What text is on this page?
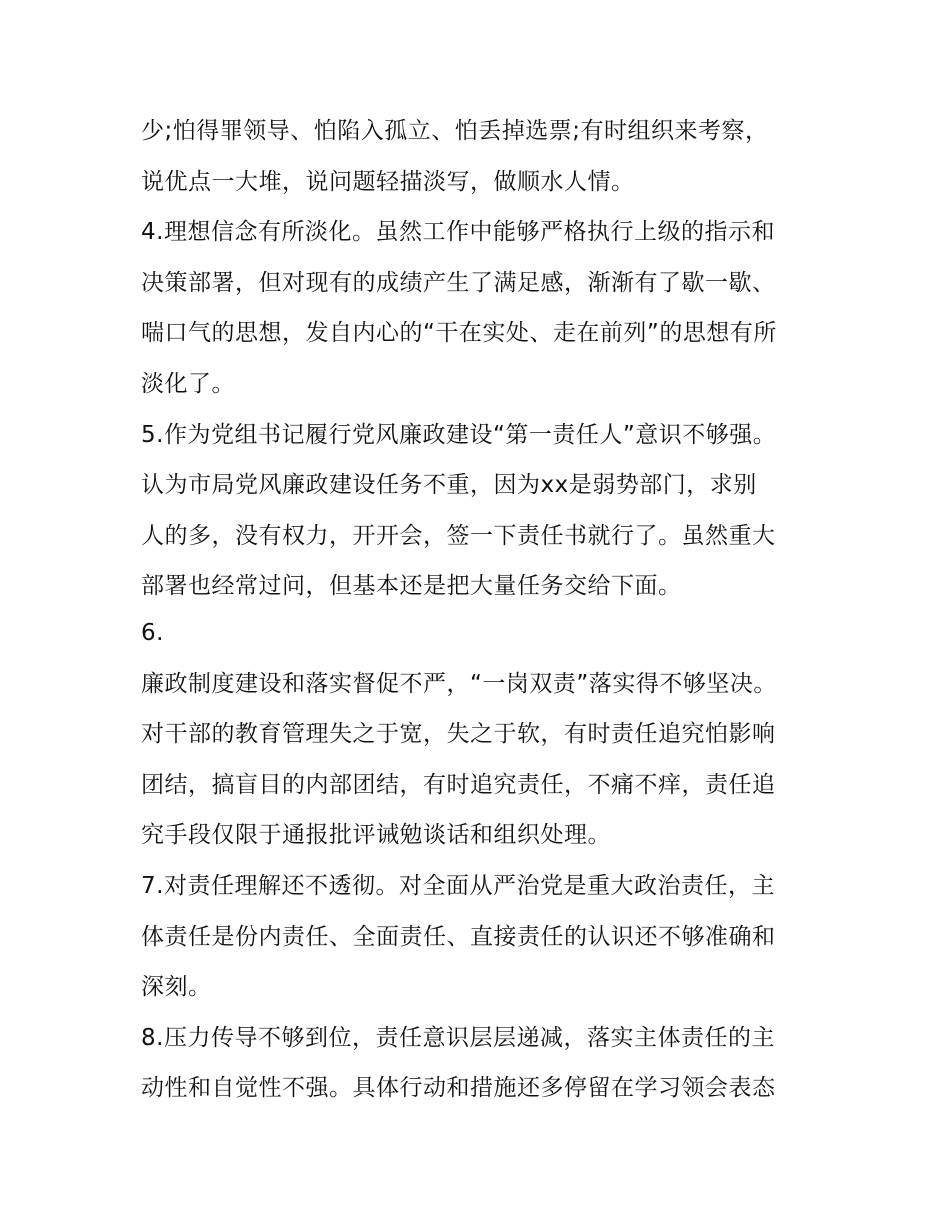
少;怕得罪领导、怕陷入孤立、怕丢掉选票;有时组织来考察，
说优点一大堆，说问题轻描淡写，做顺水人情。
4.理想信念有所淡化。虽然工作中能够严格执行上级的指示和
决策部署，但对现有的成绩产生了满足感，渐渐有了歇一歇、
喘口气的思想，发自内心的“干在实处、走在前列”的思想有所
淡化了。
5.作为党组书记履行党风廉政建设“第一责任人”意识不够强。
认为市局党风廉政建设任务不重，因为xx是弱势部门，求别
人的多，没有权力，开开会，签一下责任书就行了。虽然重大
部署也经常过问，但基本还是把大量任务交给下面。
6.
廉政制度建设和落实督促不严，“一岗双责”落实得不够坚决。
对干部的教育管理失之于宽，失之于软，有时责任追究怕影响
团结，搞盲目的内部团结，有时追究责任，不痛不痒，责任追
究手段仅限于通报批评诫勉谈话和组织处理。
7.对责任理解还不透彻。对全面从严治党是重大政治责任，主
体责任是份内责任、全面责任、直接责任的认识还不够准确和
深刻。
8.压力传导不够到位，责任意识层层递减，落实主体责任的主
动性和自觉性不强。具体行动和措施还多停留在学习领会表态
